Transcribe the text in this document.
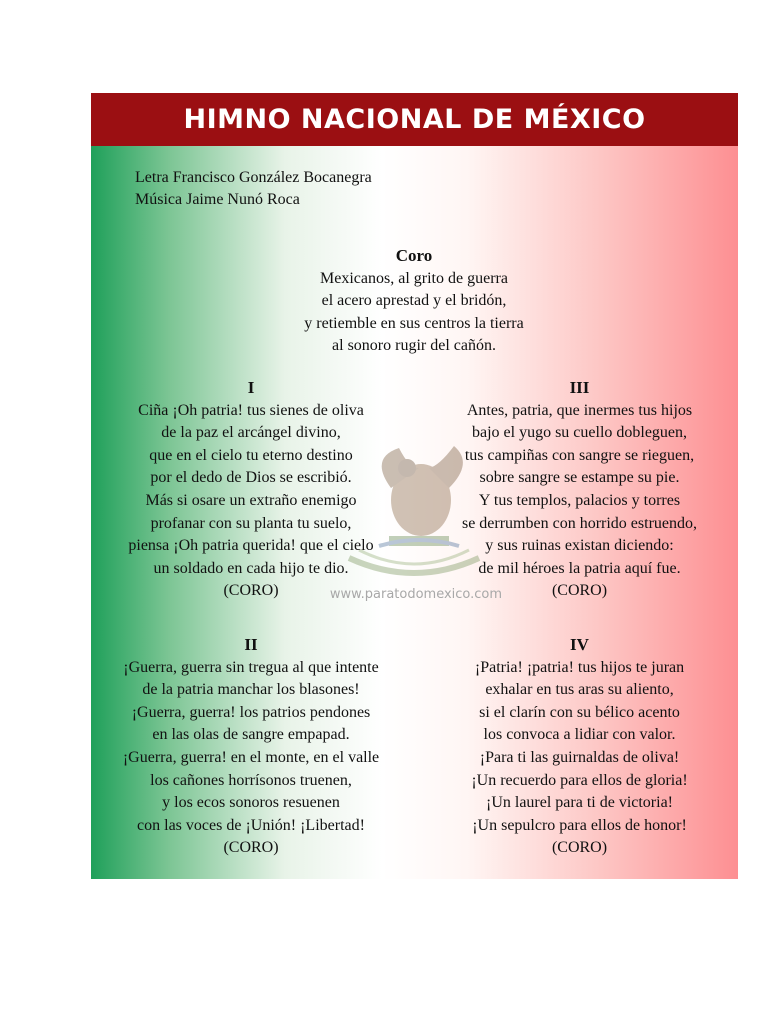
HIMNO NACIONAL DE MÉXICO
Letra Francisco González Bocanegra
Música Jaime Nunó Roca
Coro
Mexicanos, al grito de guerra
el acero aprestad y el bridón,
y retiemble en sus centros la tierra
al sonoro rugir del cañón.
I
Ciña ¡Oh patria! tus sienes de oliva
de la paz el arcángel divino,
que en el cielo tu eterno destino
por el dedo de Dios se escribió.
Más si osare un extraño enemigo
profanar con su planta tu suelo,
piensa ¡Oh patria querida! que el cielo
un soldado en cada hijo te dio.
(CORO)
III
Antes, patria, que inermes tus hijos
bajo el yugo su cuello dobleguen,
tus campiñas con sangre se rieguen,
sobre sangre se estampe su pie.
Y tus templos, palacios y torres
se derrumben con horrido estruendo,
y sus ruinas existan diciendo:
de mil héroes la patria aquí fue.
(CORO)
www.paratodomexico.com
II
¡Guerra, guerra sin tregua al que intente
de la patria manchar los blasones!
¡Guerra, guerra! los patrios pendones
en las olas de sangre empapad.
¡Guerra, guerra! en el monte, en el valle
los cañones horrísonos truenen,
y los ecos sonoros resuenen
con las voces de ¡Unión! ¡Libertad!
(CORO)
IV
¡Patria! ¡patria! tus hijos te juran
exhalar en tus aras su aliento,
si el clarín con su bélico acento
los convoca a lidiar con valor.
¡Para ti las guirnaldas de oliva!
¡Un recuerdo para ellos de gloria!
¡Un laurel para ti de victoria!
¡Un sepulcro para ellos de honor!
(CORO)
